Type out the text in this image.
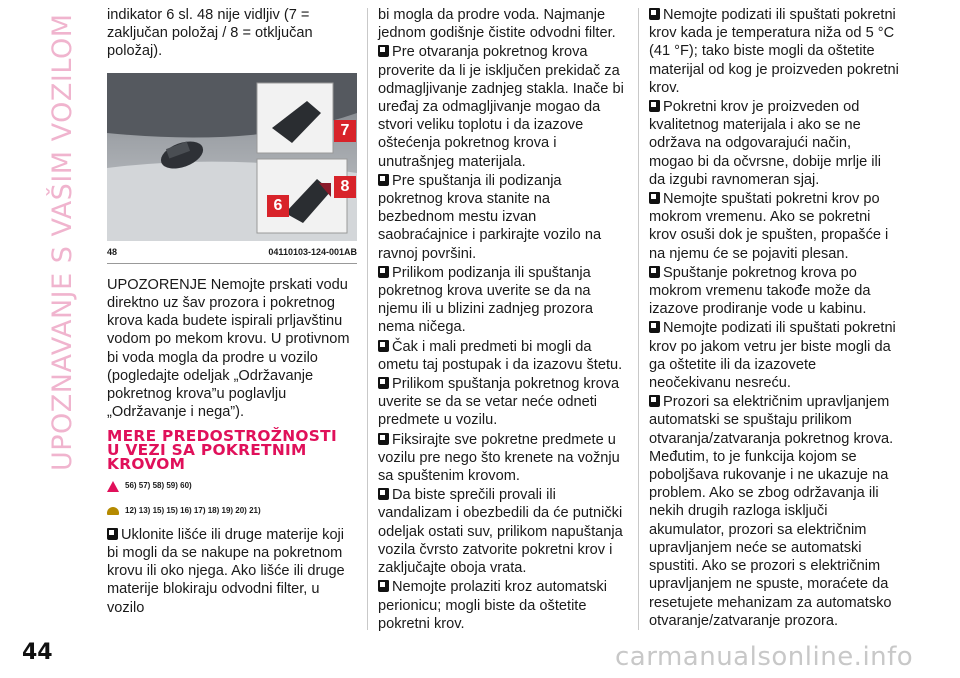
UPOZNAVANJE S VAŠIM VOZILOM	indikator 6 sl. 48 nije vidljiv (7 = zaključan položaj / 8 = otključan položaj).

7
8
6
48	04110103-124-001AB

UPOZORENJE Nemojte prskati vodu direktno uz šav prozora i pokretnog krova kada budete ispirali prljavštinu vodom po mekom krovu. U protivnom bi voda mogla da prodre u vozilo (pogledajte odeljak „Održavanje pokretnog krova”u poglavlju „Održavanje i nega”).

MERE PREDOSTROŽNOSTI U VEZI SA POKRETNIM KROVOM
56) 57) 58) 59) 60)
12) 13) 15) 15) 16) 17) 18) 19) 20) 21)

Uklonite lišće ili druge materije koji bi mogli da se nakupe na pokretnom krovu ili oko njega. Ako lišće ili druge materije blokiraju odvodni filter, u vozilo

bi mogla da prodre voda. Najmanje jednom godišnje čistite odvodni filter.

Pre otvaranja pokretnog krova proverite da li je isključen prekidač za odmagljivanje zadnjeg stakla. Inače bi uređaj za odmagljivanje mogao da stvori veliku toplotu i da izazove oštećenja pokretnog krova i unutrašnjeg materijala.

Pre spuštanja ili podizanja pokretnog krova stanite na bezbednom mestu izvan saobraćajnice i parkirajte vozilo na ravnoj površini.

Prilikom podizanja ili spuštanja pokretnog krova uverite se da na njemu ili u blizini zadnjeg prozora nema ničega.

Čak i mali predmeti bi mogli da ometu taj postupak i da izazovu štetu.

Prilikom spuštanja pokretnog krova uverite se da se vetar neće odneti predmete u vozilu.

Fiksirajte sve pokretne predmete u vozilu pre nego što krenete na vožnju sa spuštenim krovom.

Da biste sprečili provali ili vandalizam i obezbedili da će putnički odeljak ostati suv, prilikom napuštanja vozila čvrsto zatvorite pokretni krov i zaključajte oboja vrata.

Nemojte prolaziti kroz automatski perionicu; mogli biste da oštetite pokretni krov.

Nemojte podizati ili spuštati pokretni krov kada je temperatura niža od 5 °C (41 °F); tako biste mogli da oštetite materijal od kog je proizveden pokretni krov.

Pokretni krov je proizveden od kvalitetnog materijala i ako se ne održava na odgovarajući način, mogao bi da očvrsne, dobije mrlje ili da izgubi ravnomeran sjaj.

Nemojte spuštati pokretni krov po mokrom vremenu. Ako se pokretni krov osuši dok je spušten, propašće i na njemu će se pojaviti plesan.

Spuštanje pokretnog krova po mokrom vremenu takođe može da izazove prodiranje vode u kabinu.

Nemojte podizati ili spuštati pokretni krov po jakom vetru jer biste mogli da ga oštetite ili da izazovete neočekivanu nesreću.

Prozori sa električnim upravljanjem automatski se spuštaju prilikom otvaranja/zatvaranja pokretnog krova. Međutim, to je funkcija kojom se poboljšava rukovanje i ne ukazuje na problem. Ako se zbog održavanja ili nekih drugih razloga isključi akumulator, prozori sa električnim upravljanjem neće se automatski spustiti. Ako se prozori s električnim upravljanjem ne spuste, moraćete da resetujete mehanizam za automatsko otvaranje/zatvaranje prozora.

44	carmanualsonline.info
